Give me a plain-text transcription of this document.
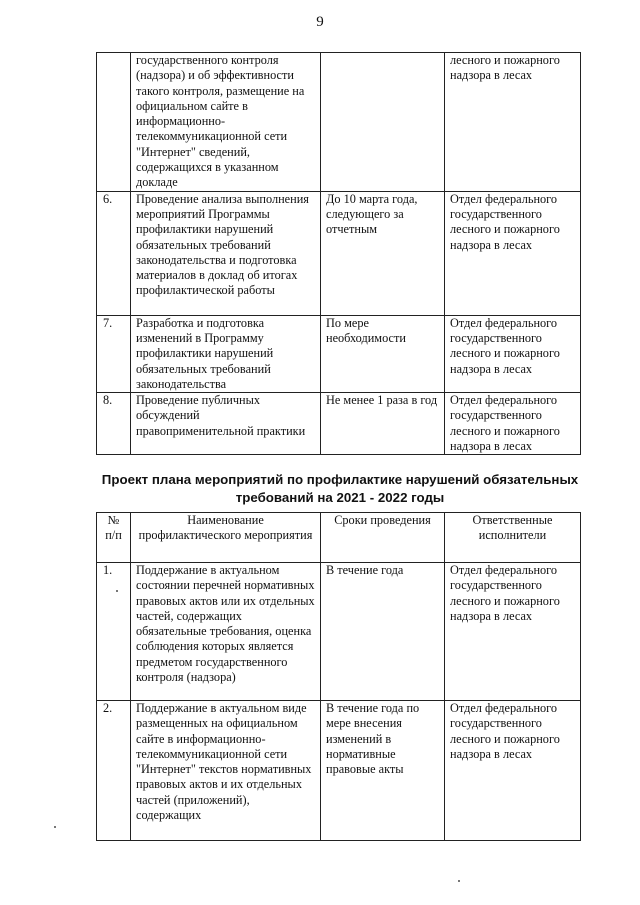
9
	государственного контроля (надзора) и об эффективности такого контроля, размещение на официальном сайте в информационно-телекоммуникационной сети "Интернет" сведений, содержащихся в указанном докладе		лесного и пожарного надзора в лесах
6.	Проведение анализа выполнения мероприятий Программы профилактики нарушений обязательных требований законодательства и подготовка материалов в доклад об итогах профилактической работы	До 10 марта года, следующего за отчетным	Отдел федерального государственного лесного и пожарного надзора в лесах
7.	Разработка и подготовка изменений в Программу профилактики нарушений обязательных требований законодательства	По мере необходимости	Отдел федерального государственного лесного и пожарного надзора в лесах
8.	Проведение публичных обсуждений правоприменительной практики	Не менее 1 раза в год	Отдел федерального государственного лесного и пожарного надзора в лесах
Проект плана мероприятий по профилактике нарушений обязательных требований на 2021 - 2022 годы
№ п/п	Наименование профилактического мероприятия	Сроки проведения	Ответственные исполнители
1.	Поддержание в актуальном состоянии перечней нормативных правовых актов или их отдельных частей, содержащих обязательные требования, оценка соблюдения которых является предметом государственного контроля (надзора)	В течение года	Отдел федерального государственного лесного и пожарного надзора в лесах
2.	Поддержание в актуальном виде размещенных на официальном сайте в информационно-телекоммуникационной сети "Интернет" текстов нормативных правовых актов и их отдельных частей (приложений), содержащих	В течение года по мере внесения изменений в нормативные правовые акты	Отдел федерального государственного лесного и пожарного надзора в лесах
